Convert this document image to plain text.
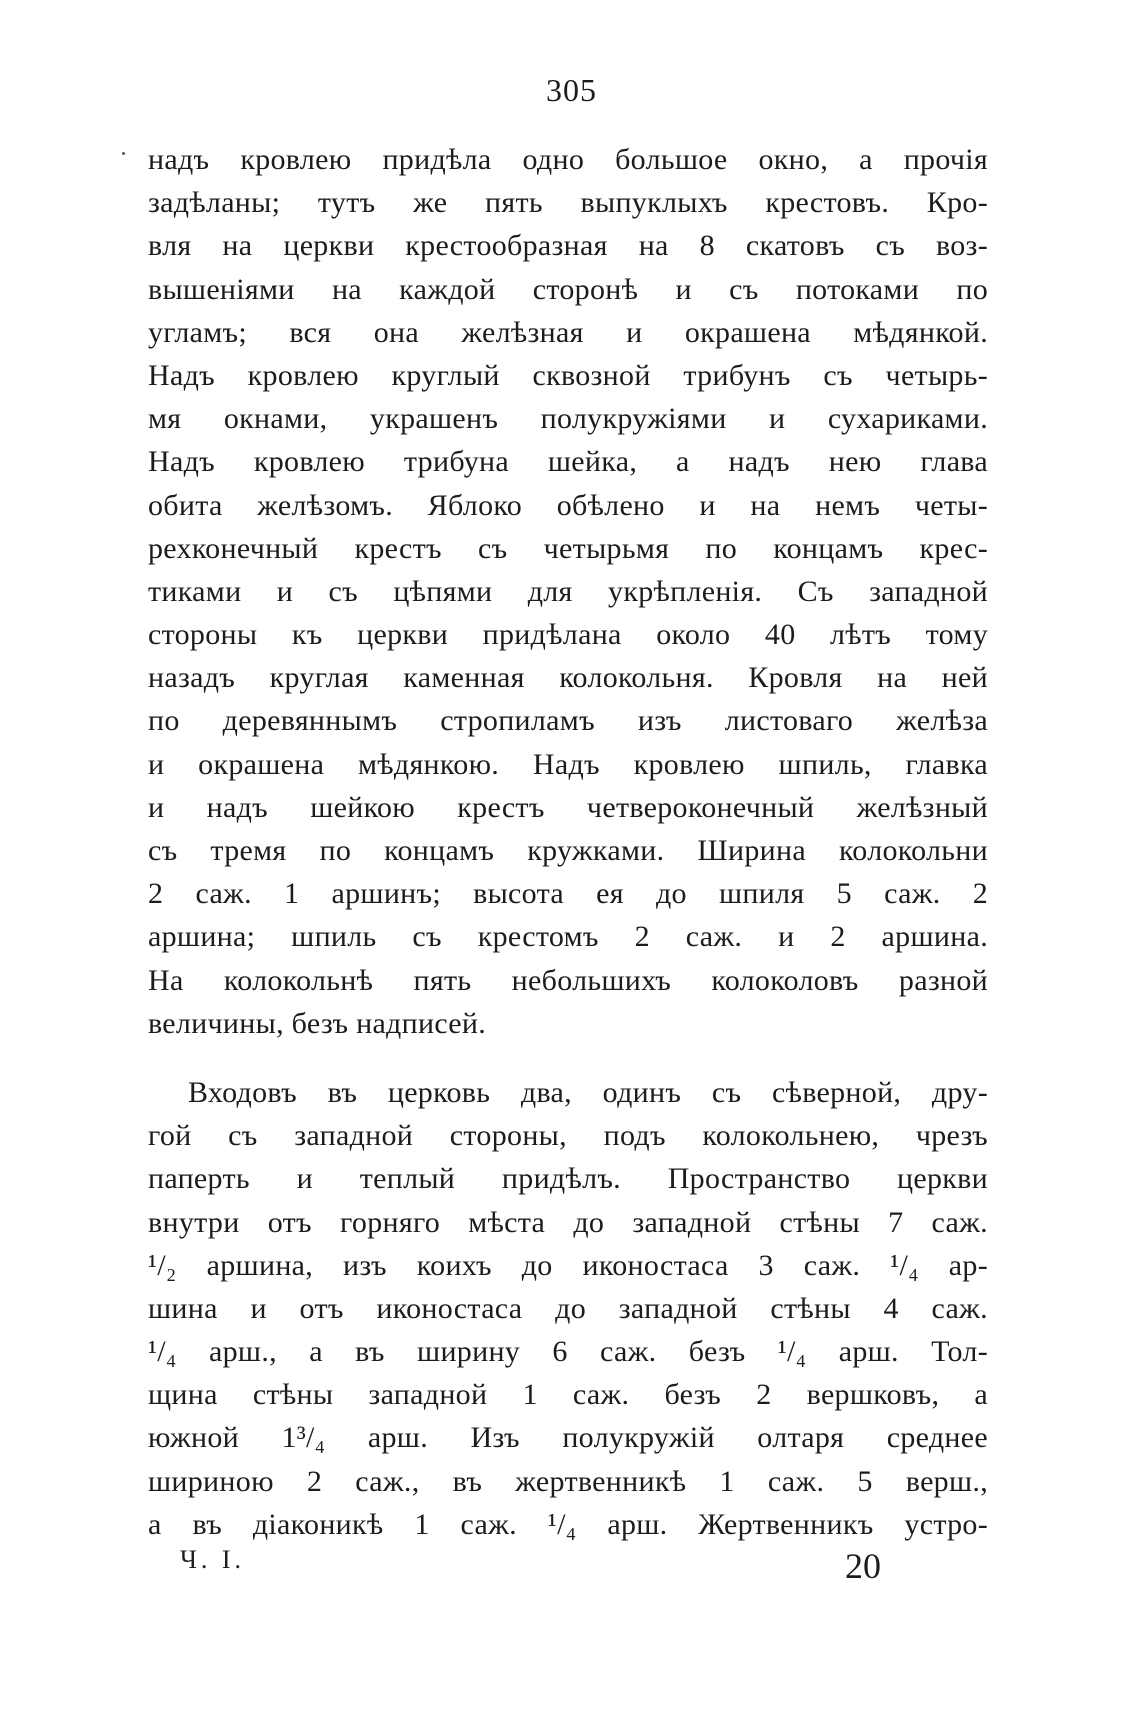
305
надъ кровлею придѣла одно большое окно, а прочія
задѣланы; тутъ же пять выпуклыхъ крестовъ. Кро-
вля на церкви крестообразная на 8 скатовъ съ воз-
вышеніями на каждой сторонѣ и съ потоками по
угламъ; вся она желѣзная и окрашена мѣдянкой.
Надъ кровлею круглый сквозной трибунъ съ четырь-
мя окнами, украшенъ полукружіями и сухариками.
Надъ кровлею трибуна шейка, а надъ нею глава
обита желѣзомъ. Яблоко обѣлено и на немъ четы-
рехконечный крестъ съ четырьмя по концамъ крес-
тиками и съ цѣпями для укрѣпленія. Съ западной
стороны къ церкви придѣлана около 40 лѣтъ тому
назадъ круглая каменная колокольня. Кровля на ней
по деревяннымъ стропиламъ изъ листоваго желѣза
и окрашена мѣдянкою. Надъ кровлею шпиль, главка
и надъ шейкою крестъ четвероконечный желѣзный
съ тремя по концамъ кружками. Ширина колокольни
2 саж. 1 аршинъ; высота ея до шпиля 5 саж. 2
аршина; шпиль съ крестомъ 2 саж. и 2 аршина.
На колокольнѣ пять небольшихъ колоколовъ разной
величины, безъ надписей.
Входовъ въ церковь два, одинъ съ сѣверной, дру-
гой съ западной стороны, подъ колокольнею, чрезъ
паперть и теплый придѣлъ. Пространство церкви
внутри отъ горняго мѣста до западной стѣны 7 саж.
¹/₂ аршина, изъ коихъ до иконостаса 3 саж. ¹/₄ ар-
шина и отъ иконостаса до западной стѣны 4 саж.
¹/₄ арш., а въ ширину 6 саж. безъ ¹/₄ арш. Тол-
щина стѣны западной 1 саж. безъ 2 вершковъ, а
южной 1³/₄ арш. Изъ полукружій олтаря среднее
шириною 2 саж., въ жертвенникѣ 1 саж. 5 верш.,
а въ діаконикѣ 1 саж. ¹/₄ арш. Жертвенникъ устро-
Ч. I.	20
